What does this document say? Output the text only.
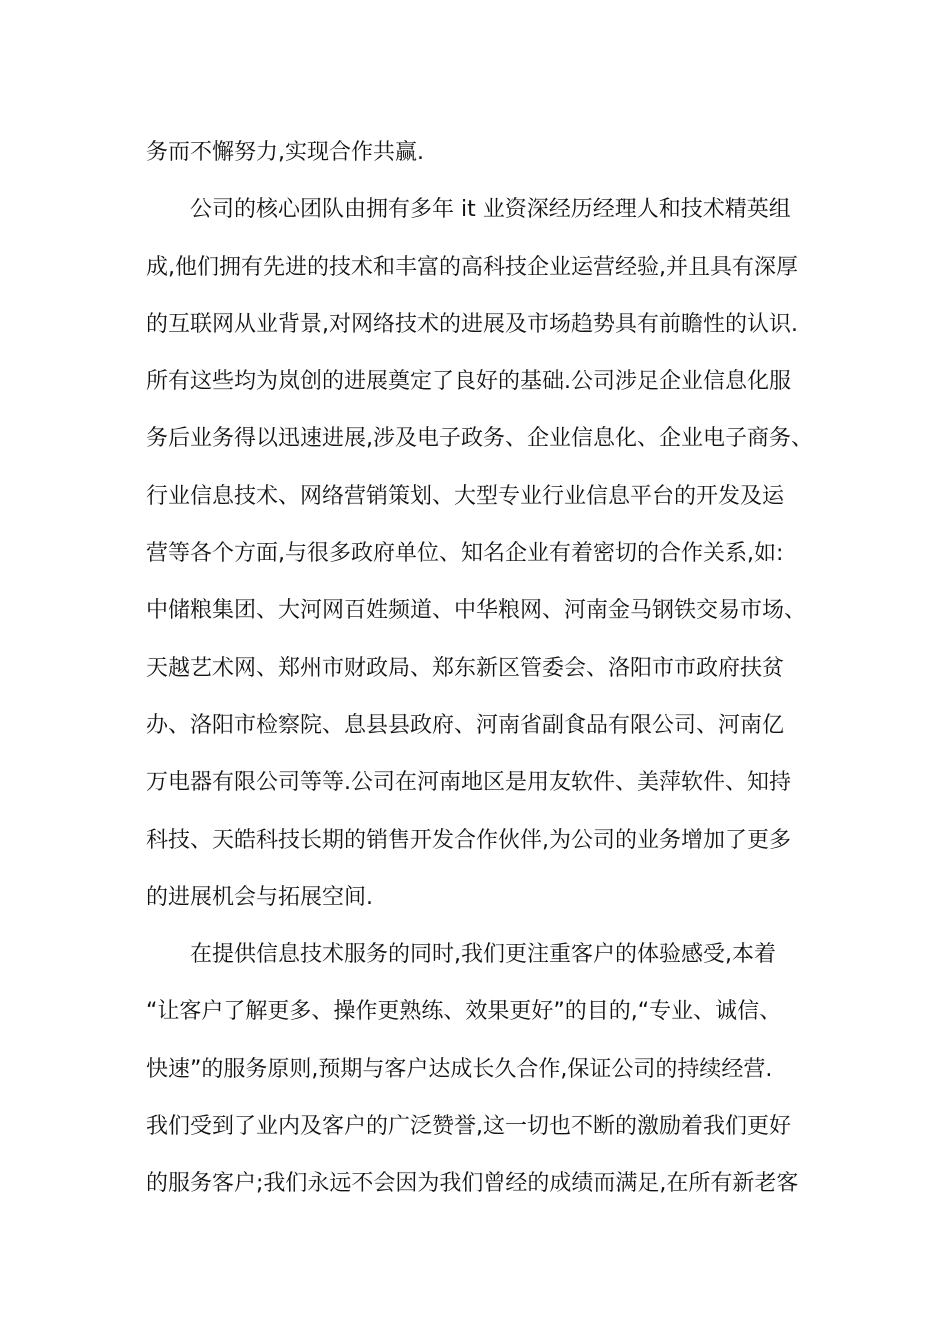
务而不懈努力,实现合作共赢.
公司的核心团队由拥有多年 it 业资深经历经理人和技术精英组
成,他们拥有先进的技术和丰富的高科技企业运营经验,并且具有深厚
的互联网从业背景,对网络技术的进展及市场趋势具有前瞻性的认识.
所有这些均为岚创的进展奠定了良好的基础.公司涉足企业信息化服
务后业务得以迅速进展,涉及电子政务、企业信息化、企业电子商务、
行业信息技术、网络营销策划、大型专业行业信息平台的开发及运
营等各个方面,与很多政府单位、知名企业有着密切的合作关系,如:
中储粮集团、大河网百姓频道、中华粮网、河南金马钢铁交易市场、
天越艺术网、郑州市财政局、郑东新区管委会、洛阳市市政府扶贫
办、洛阳市检察院、息县县政府、河南省副食品有限公司、河南亿
万电器有限公司等等.公司在河南地区是用友软件、美萍软件、知持
科技、天皓科技长期的销售开发合作伙伴,为公司的业务增加了更多
的进展机会与拓展空间.
在提供信息技术服务的同时,我们更注重客户的体验感受,本着
“让客户了解更多、操作更熟练、效果更好”的目的,“专业、诚信、
快速”的服务原则,预期与客户达成长久合作,保证公司的持续经营.
我们受到了业内及客户的广泛赞誉,这一切也不断的激励着我们更好
的服务客户;我们永远不会因为我们曾经的成绩而满足,在所有新老客
